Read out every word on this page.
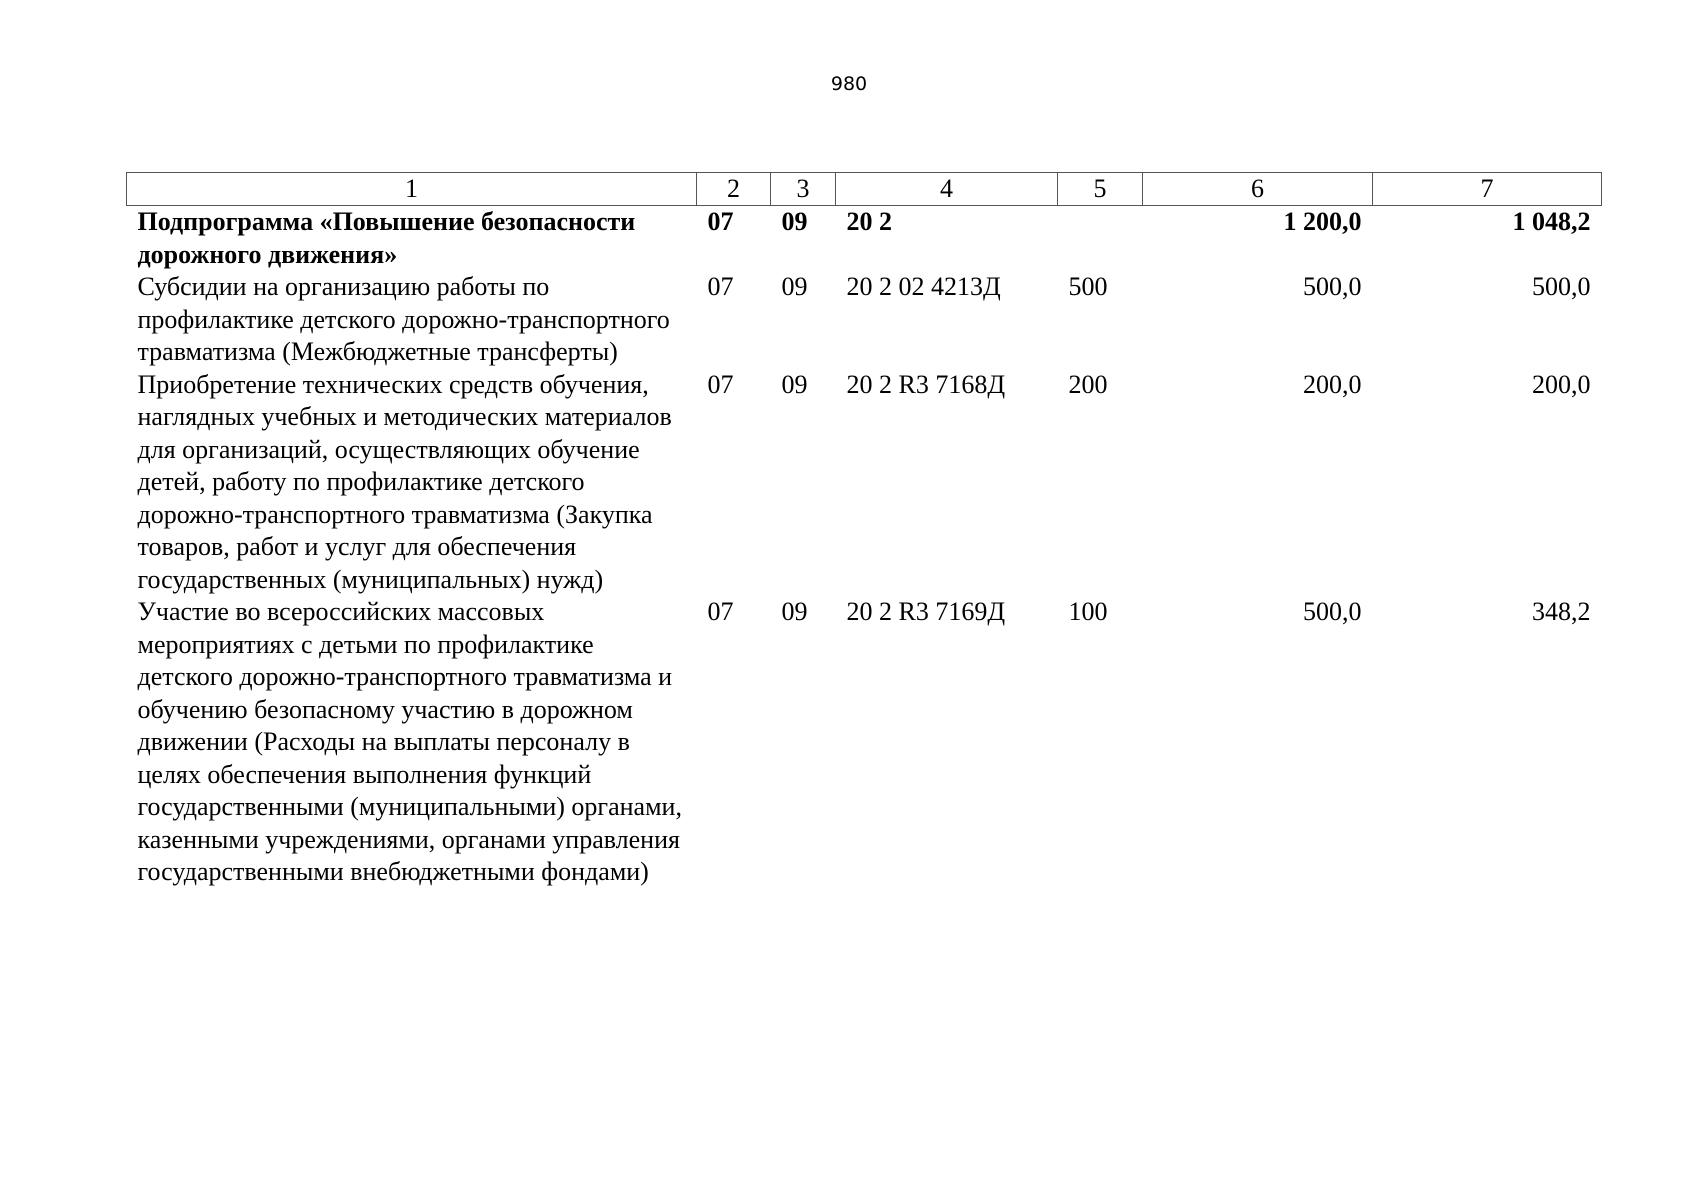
980
1	2	3	4	5	6	7
Подпрограмма «Повышение безопасности дорожного движения»	07	09	20 2		1 200,0	1 048,2
Субсидии на организацию работы по профилактике детского дорожно-транспортного травматизма (Межбюджетные трансферты)	07	09	20 2 02 4213Д	500	500,0	500,0
Приобретение технических средств обучения, наглядных учебных и методических материалов для организаций, осуществляющих обучение детей, работу по профилактике детского дорожно-транспортного травматизма (Закупка товаров, работ и услуг для обеспечения государственных (муниципальных) нужд)	07	09	20 2 R3 7168Д	200	200,0	200,0
Участие во всероссийских массовых мероприятиях с детьми по профилактике детского дорожно-транспортного травматизма и обучению безопасному участию в дорожном движении (Расходы на выплаты персоналу в целях обеспечения выполнения функций государственными (муниципальными) органами, казенными учреждениями, органами управления государственными внебюджетными фондами)	07	09	20 2 R3 7169Д	100	500,0	348,2
